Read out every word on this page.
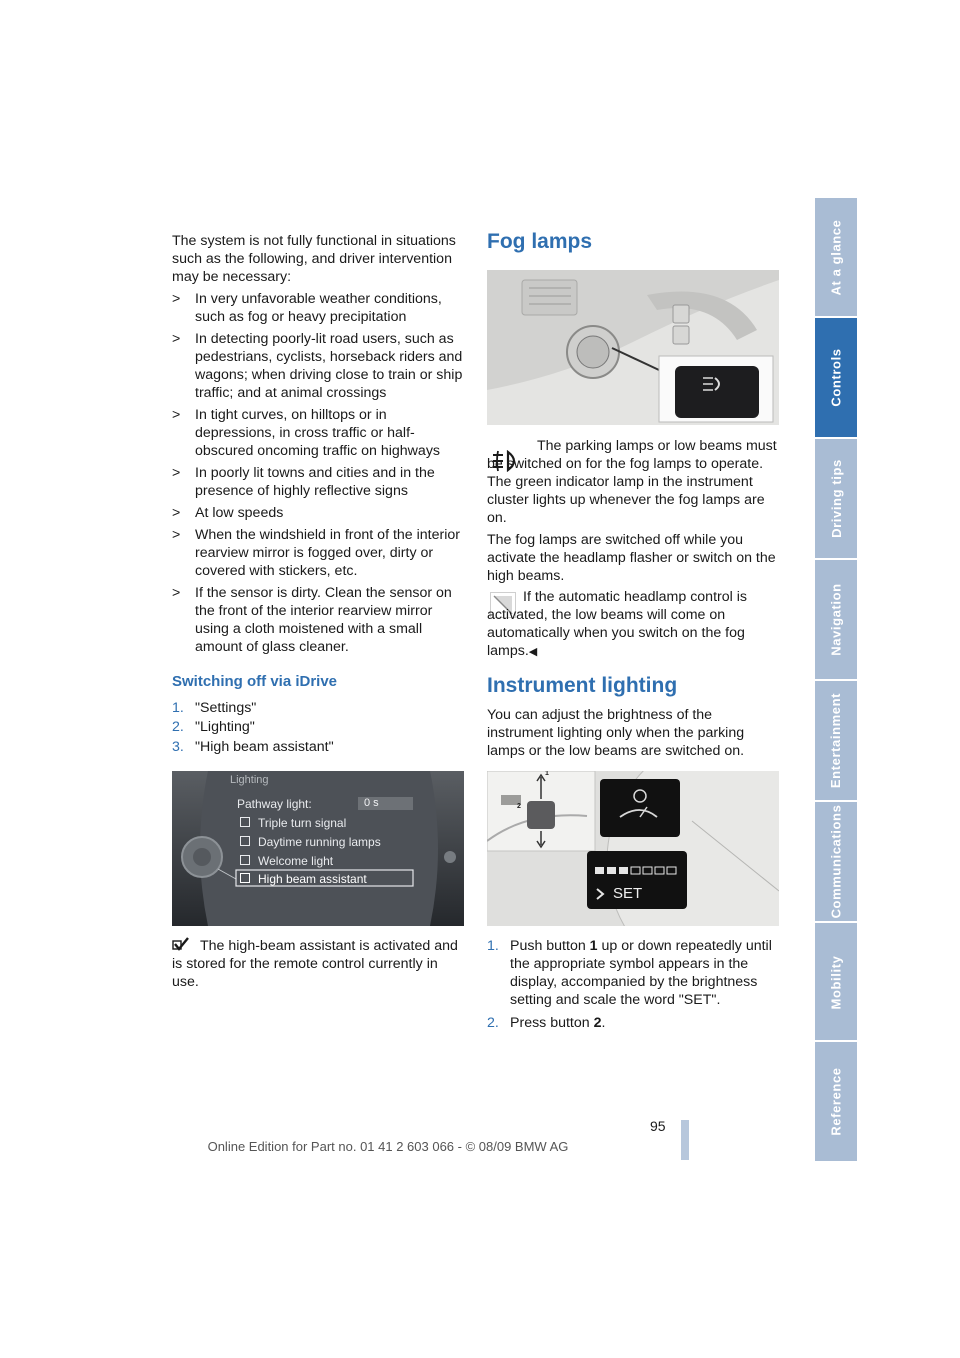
The system is not fully functional in situations such as the following, and driver intervention may be necessary:

> In very unfavorable weather conditions, such as fog or heavy precipitation
> In detecting poorly-lit road users, such as pedestrians, cyclists, horseback riders and wagons; when driving close to train or ship traffic; and at animal crossings
> In tight curves, on hilltops or in depressions, in cross traffic or half-obscured oncoming traffic on highways
> In poorly lit towns and cities and in the presence of highly reflective signs
> At low speeds
> When the windshield in front of the interior rearview mirror is fogged over, dirty or covered with stickers, etc.
> If the sensor is dirty. Clean the sensor on the front of the interior rearview mirror using a cloth moistened with a small amount of glass cleaner.
Switching off via iDrive
1. "Settings"
2. "Lighting"
3. "High beam assistant"
Lighting
Pathway light:	0 s
Triple turn signal
Daytime running lamps
Welcome light
High beam assistant
The high-beam assistant is activated and is stored for the remote control currently in use.
Fog lamps

The parking lamps or low beams must be switched on for the fog lamps to operate. The green indicator lamp in the instrument cluster lights up whenever the fog lamps are on.

The fog lamps are switched off while you activate the headlamp flasher or switch on the high beams.

If the automatic headlamp control is activated, the low beams will come on automatically when you switch on the fog lamps.◀
Instrument lighting

You can adjust the brightness of the instrument lighting only when the parking lamps or the low beams are switched on.

SET
2
1
1. Push button 1 up or down repeatedly until the appropriate symbol appears in the display, accompanied by the brightness setting and scale the word "SET".
2. Press button 2.
At a glance
Controls
Driving tips
Navigation
Entertainment
Communications
Mobility
Reference
95
Online Edition for Part no. 01 41 2 603 066 - © 08/09 BMW AG
